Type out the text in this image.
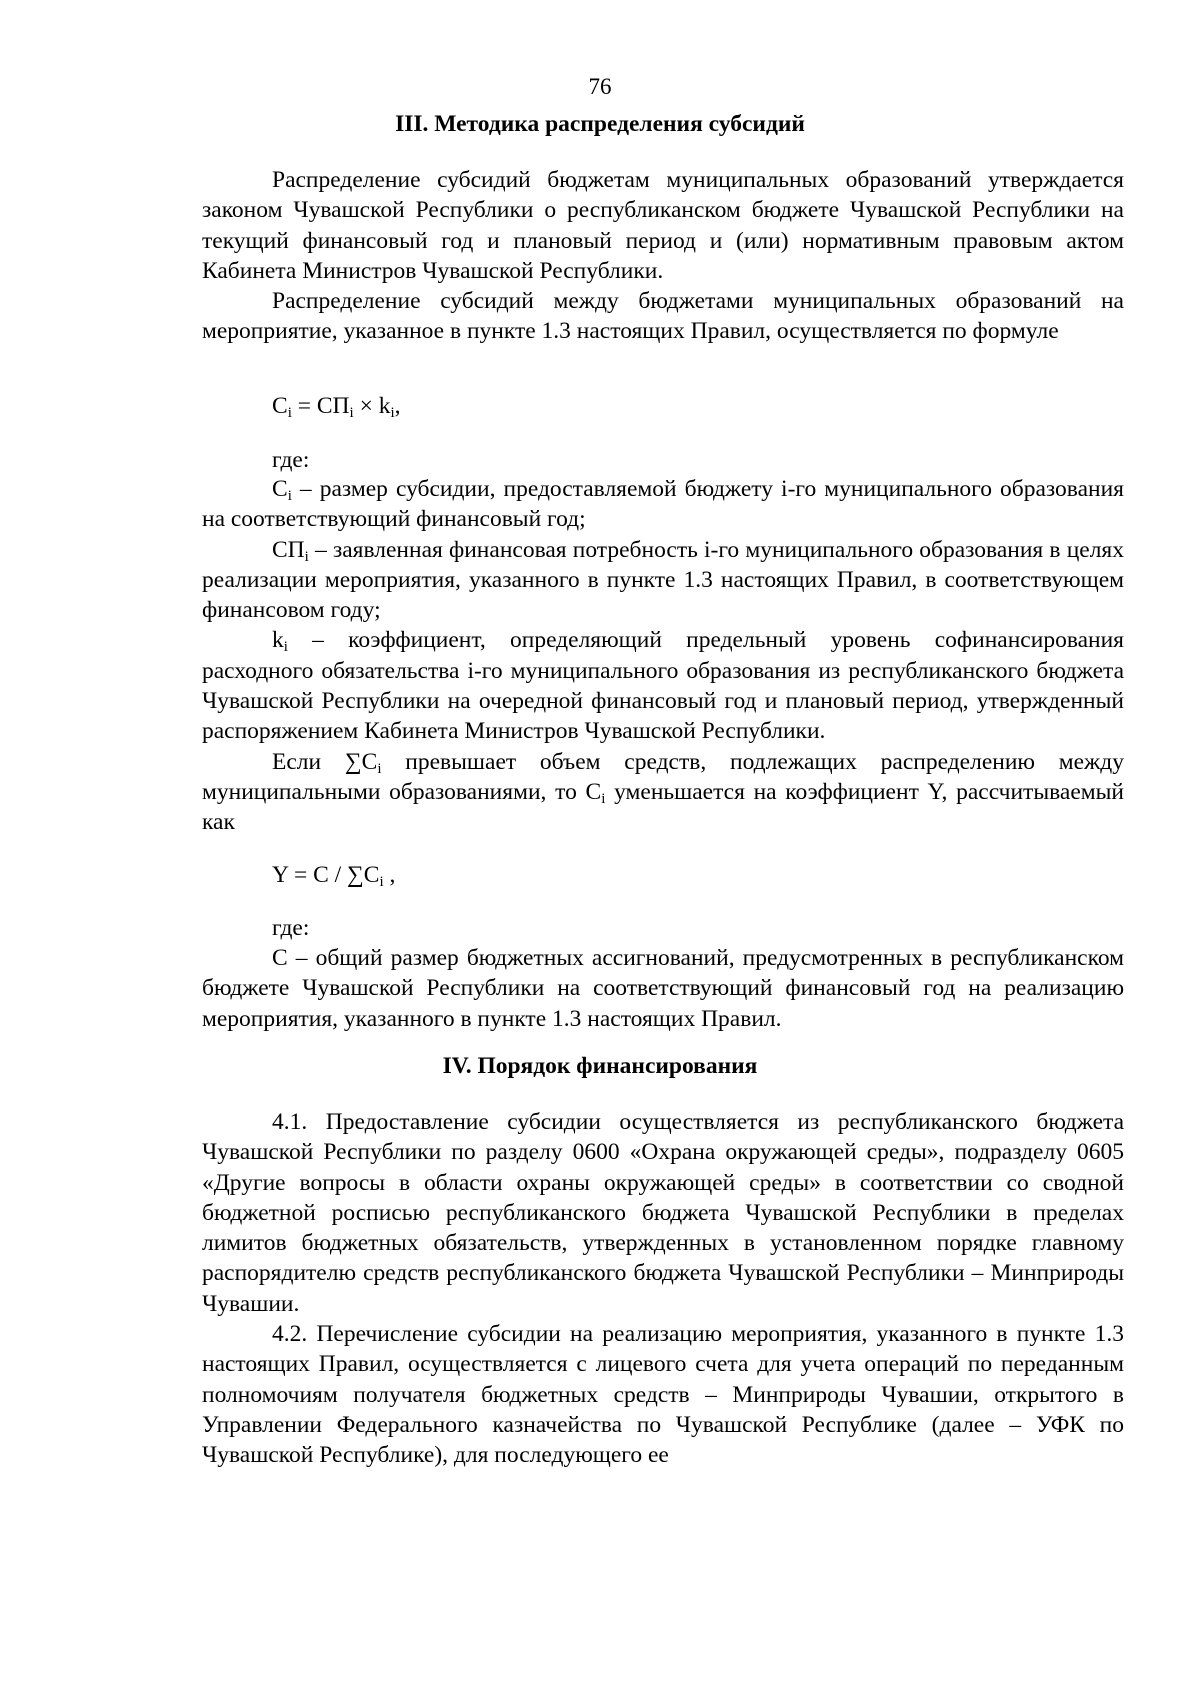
76
III. Методика распределения субсидий

Распределение субсидий бюджетам муниципальных образований утверждается законом Чувашской Республики о республиканском бюджете Чувашской Республики на текущий финансовый год и плановый период и (или) нормативным правовым актом Кабинета Министров Чувашской Республики.

Распределение субсидий между бюджетами муниципальных образований на мероприятие, указанное в пункте 1.3 настоящих Правил, осуществляется по формуле

$C_i = СП_i \times k_i$,
где:

$C_i$ – размер субсидии, предоставляемой бюджету i-го муниципального образования на соответствующий финансовый год;

$СП_i$ – заявленная финансовая потребность i-го муниципального образования в целях реализации мероприятия, указанного в пункте 1.3 настоящих Правил, в соответствующем финансовом году;

$k_i$ – коэффициент, определяющий предельный уровень софинансирования расходного обязательства i-го муниципального образования из республиканского бюджета Чувашской Республики на очередной финансовый год и плановый период, утвержденный распоряжением Кабинета Министров Чувашской Республики.

Если $\sum C_i$ превышает объем средств, подлежащих распределению между муниципальными образованиями, то $C_i$ уменьшается на коэффициент Y, рассчитываемый как

$Y = C / \sum C_i$ ,
где:

C – общий размер бюджетных ассигнований, предусмотренных в республиканском бюджете Чувашской Республики на соответствующий финансовый год на реализацию мероприятия, указанного в пункте 1.3 настоящих Правил.

IV. Порядок финансирования

4.1. Предоставление субсидии осуществляется из республиканского бюджета Чувашской Республики по разделу 0600 «Охрана окружающей среды», подразделу 0605 «Другие вопросы в области охраны окружающей среды» в соответствии со сводной бюджетной росписью республиканского бюджета Чувашской Республики в пределах лимитов бюджетных обязательств, утвержденных в установленном порядке главному распорядителю средств республиканского бюджета Чувашской Республики – Минприроды Чувашии.

4.2. Перечисление субсидии на реализацию мероприятия, указанного в пункте 1.3 настоящих Правил, осуществляется с лицевого счета для учета операций по переданным полномочиям получателя бюджетных средств – Минприроды Чувашии, открытого в Управлении Федерального казначейства по Чувашской Республике (далее – УФК по Чувашской Республике), для последующего ее
